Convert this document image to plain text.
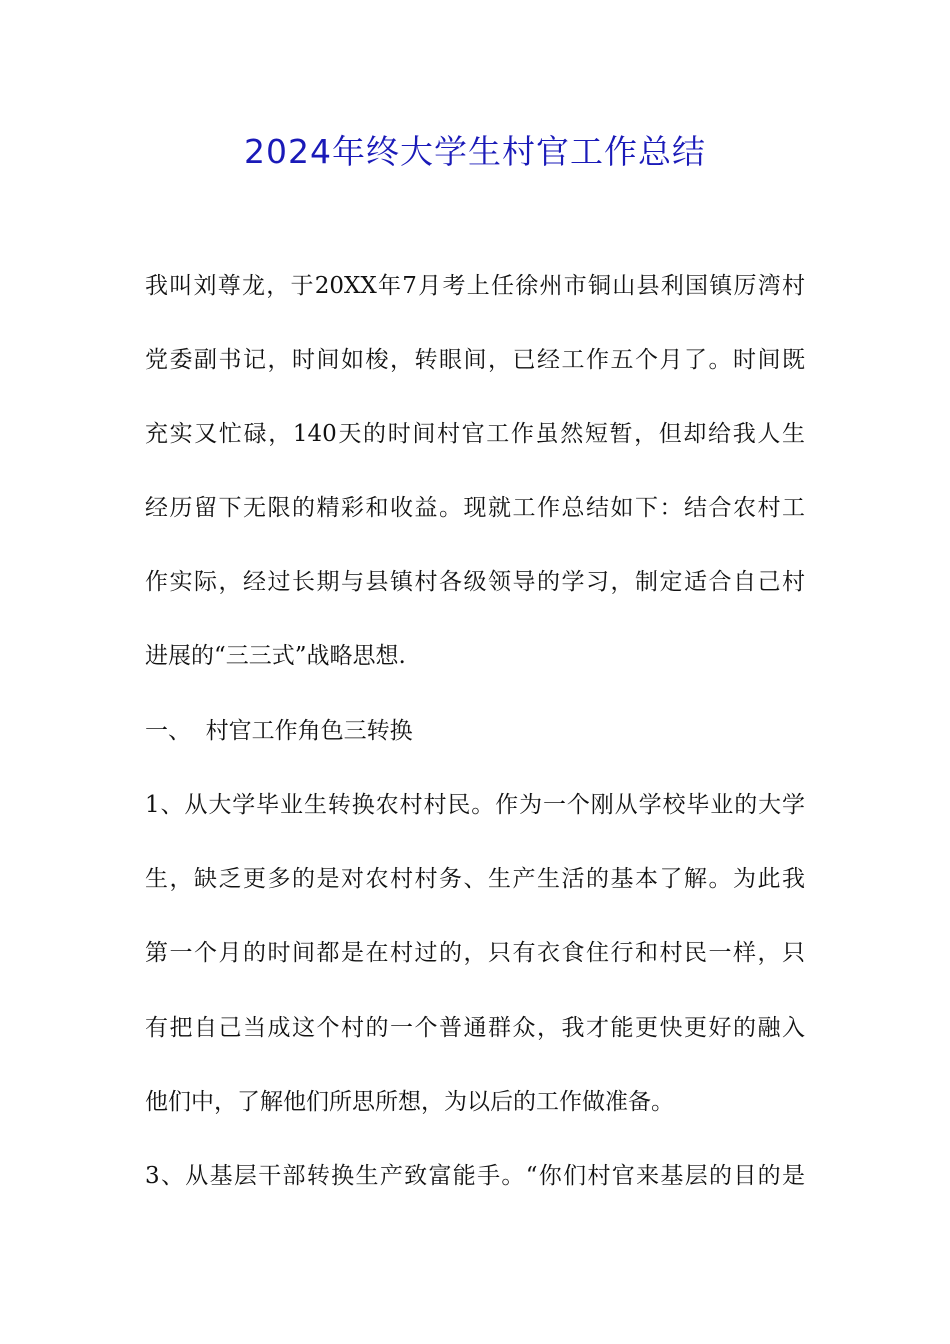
2024年终大学生村官工作总结
我叫刘尊龙，于20XX年7月考上任徐州市铜山县利国镇厉湾村
党委副书记，时间如梭，转眼间，已经工作五个月了。时间既
充实又忙碌，140天的时间村官工作虽然短暂，但却给我人生
经历留下无限的精彩和收益。现就工作总结如下：结合农村工
作实际，经过长期与县镇村各级领导的学习，制定适合自己村
进展的“三三式”战略思想.
一、  村官工作角色三转换
1、从大学毕业生转换农村村民。作为一个刚从学校毕业的大学
生，缺乏更多的是对农村村务、生产生活的基本了解。为此我
第一个月的时间都是在村过的，只有衣食住行和村民一样，只
有把自己当成这个村的一个普通群众，我才能更快更好的融入
他们中，了解他们所思所想，为以后的工作做准备。
3、从基层干部转换生产致富能手。“你们村官来基层的目的是
